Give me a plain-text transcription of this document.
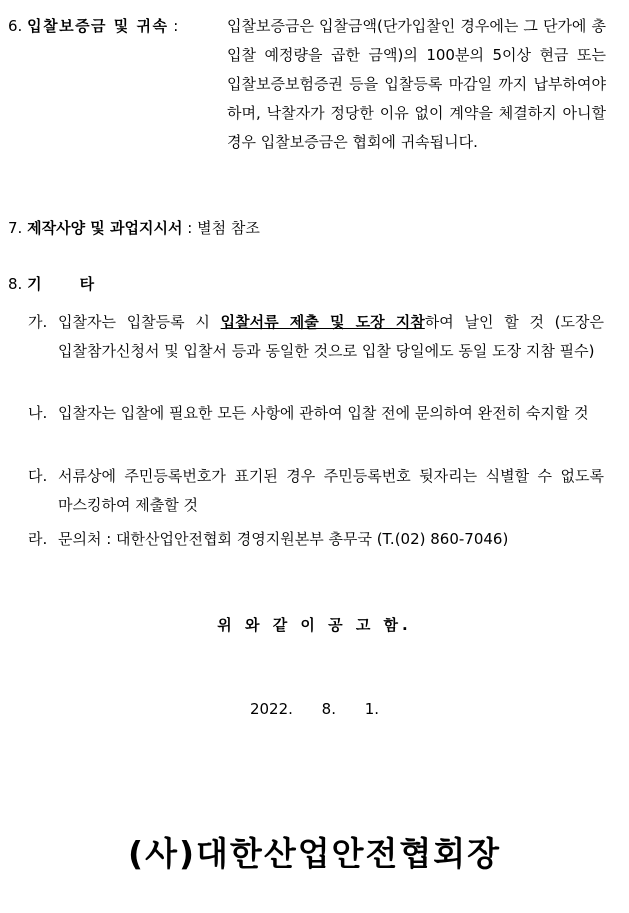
6. 입찰보증금 및 귀속 :	입찰보증금은 입찰금액(단가입찰인 경우에는 그 단가에 총 입찰 예정량을 곱한 금액)의 100분의 5이상 현금 또는 입찰보증보험증권 등을 입찰등록 마감일 까지 납부하여야 하며, 낙찰자가 정당한 이유 없이 계약을 체결하지 아니할 경우 입찰보증금은 협회에 귀속됩니다.
7. 제작사양 및 과업지시서 : 별첨 참조
8. 기	타
가. 입찰자는 입찰등록 시 입찰서류 제출 및 도장 지참하여 날인 할 것 (도장은 입찰참가신청서 및 입찰서 등과 동일한 것으로 입찰 당일에도 동일 도장 지참 필수)
나. 입찰자는 입찰에 필요한 모든 사항에 관하여 입찰 전에 문의하여 완전히 숙지할 것
다. 서류상에 주민등록번호가 표기된 경우 주민등록번호 뒷자리는 식별할 수 없도록 마스킹하여 제출할 것
라. 문의처 : 대한산업안전협회 경영지원본부 총무국 (T.(02) 860-7046)
위 와 같 이 공 고 함.
2022. 8. 1.
(사)대한산업안전협회장
